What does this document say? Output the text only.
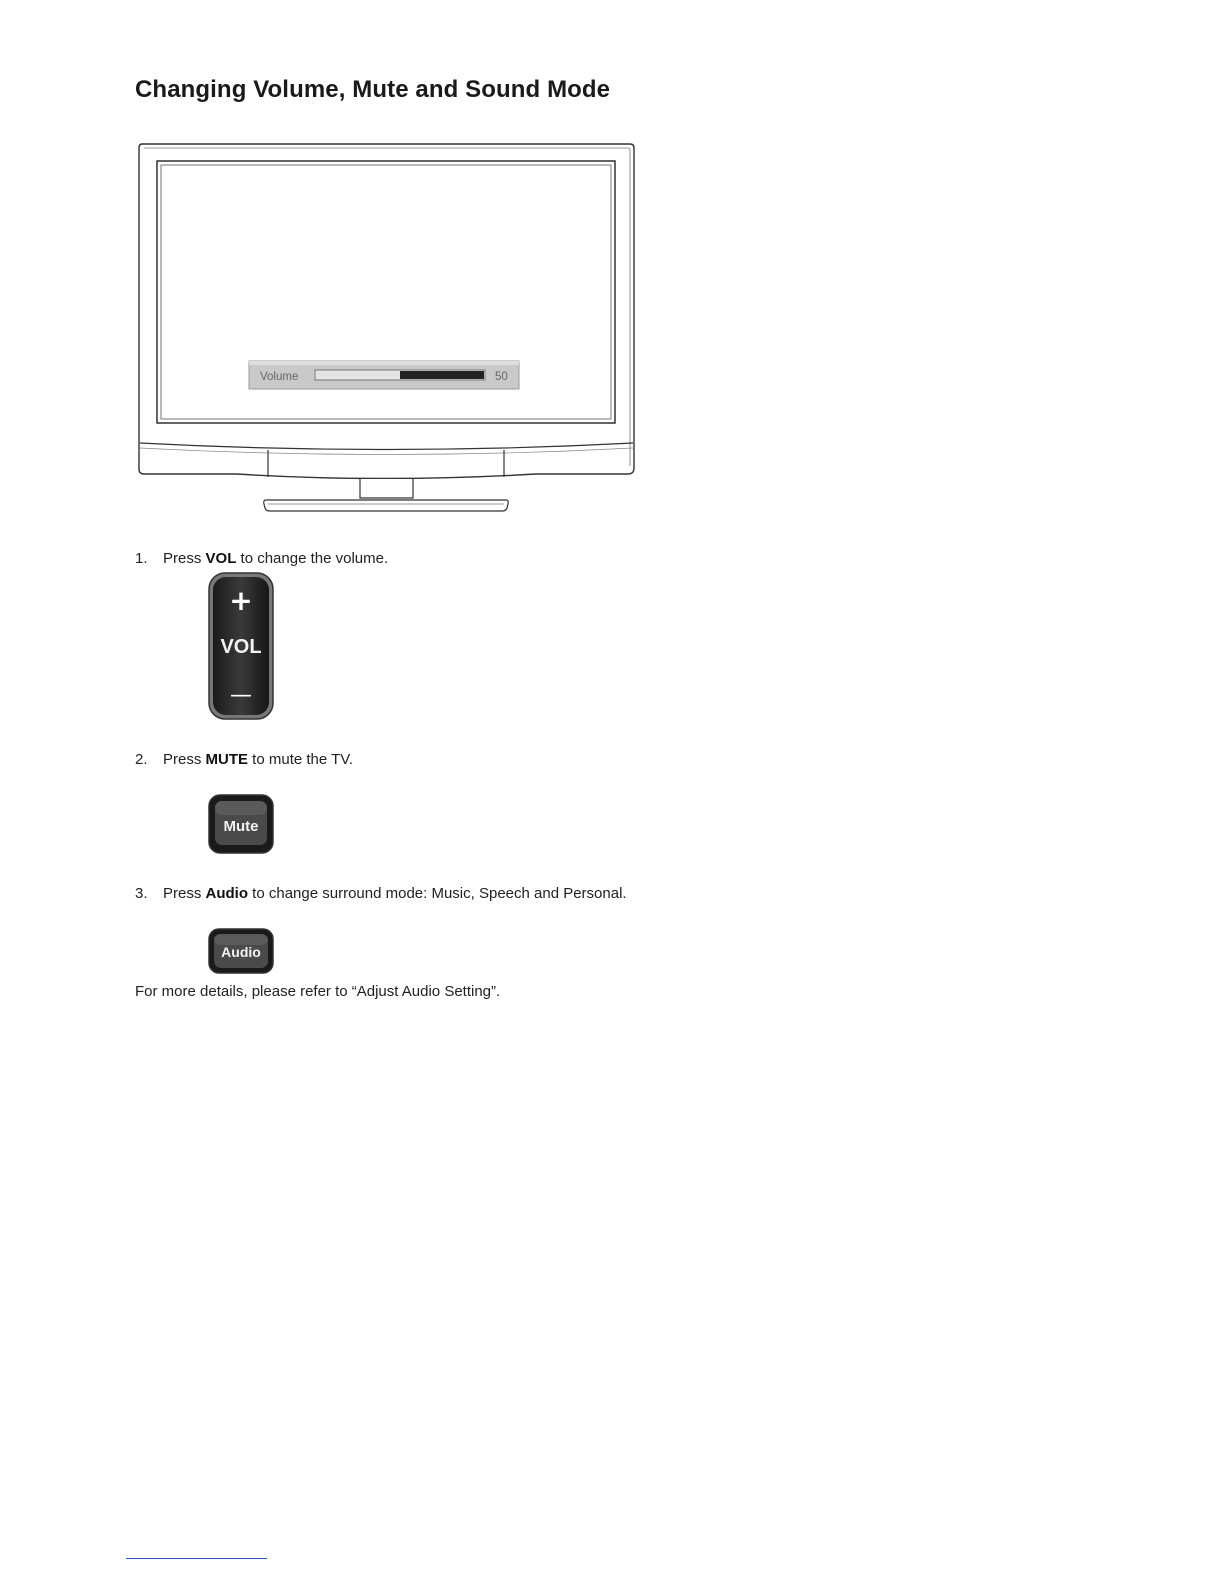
Changing Volume, Mute and Sound Mode
Volume	50
1. Press VOL to change the volume.
+
VOL
—
2. Press MUTE to mute the TV.
Mute
3. Press Audio to change surround mode: Music, Speech and Personal.
Audio
For more details, please refer to “Adjust Audio Setting”.
